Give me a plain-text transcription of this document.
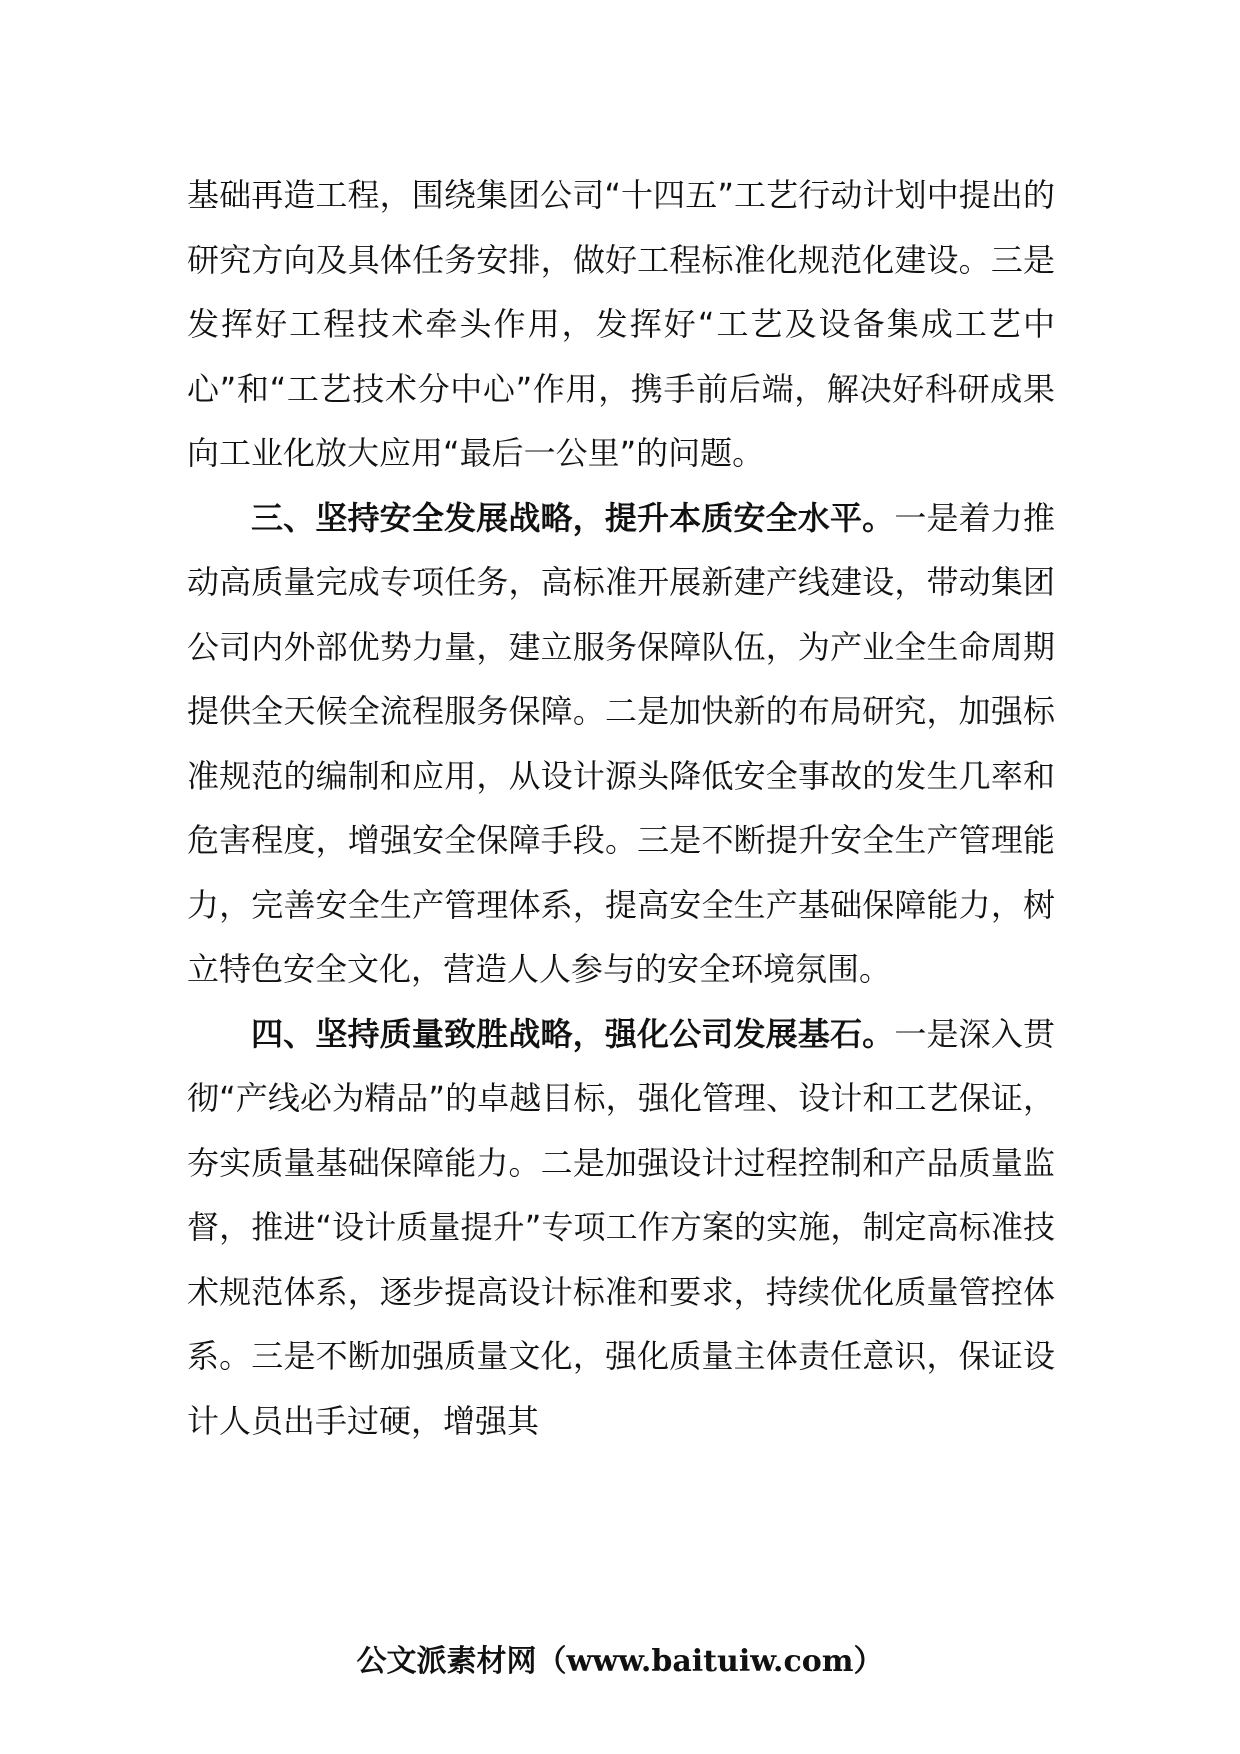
基础再造工程，围绕集团公司“十四五”工艺行动计划中提出的研究方向及具体任务安排，做好工程标准化规范化建设。三是发挥好工程技术牵头作用，发挥好“工艺及设备集成工艺中心”和“工艺技术分中心”作用，携手前后端，解决好科研成果向工业化放大应用“最后一公里”的问题。

三、坚持安全发展战略，提升本质安全水平。一是着力推动高质量完成专项任务，高标准开展新建产线建设，带动集团公司内外部优势力量，建立服务保障队伍，为产业全生命周期提供全天候全流程服务保障。二是加快新的布局研究，加强标准规范的编制和应用，从设计源头降低安全事故的发生几率和危害程度，增强安全保障手段。三是不断提升安全生产管理能力，完善安全生产管理体系，提高安全生产基础保障能力，树立特色安全文化，营造人人参与的安全环境氛围。

四、坚持质量致胜战略，强化公司发展基石。一是深入贯彻“产线必为精品”的卓越目标，强化管理、设计和工艺保证，夯实质量基础保障能力。二是加强设计过程控制和产品质量监督，推进“设计质量提升”专项工作方案的实施，制定高标准技术规范体系，逐步提高设计标准和要求，持续优化质量管控体系。三是不断加强质量文化，强化质量主体责任意识，保证设计人员出手过硬，增强其

公文派素材网（www.baituiw.com）
